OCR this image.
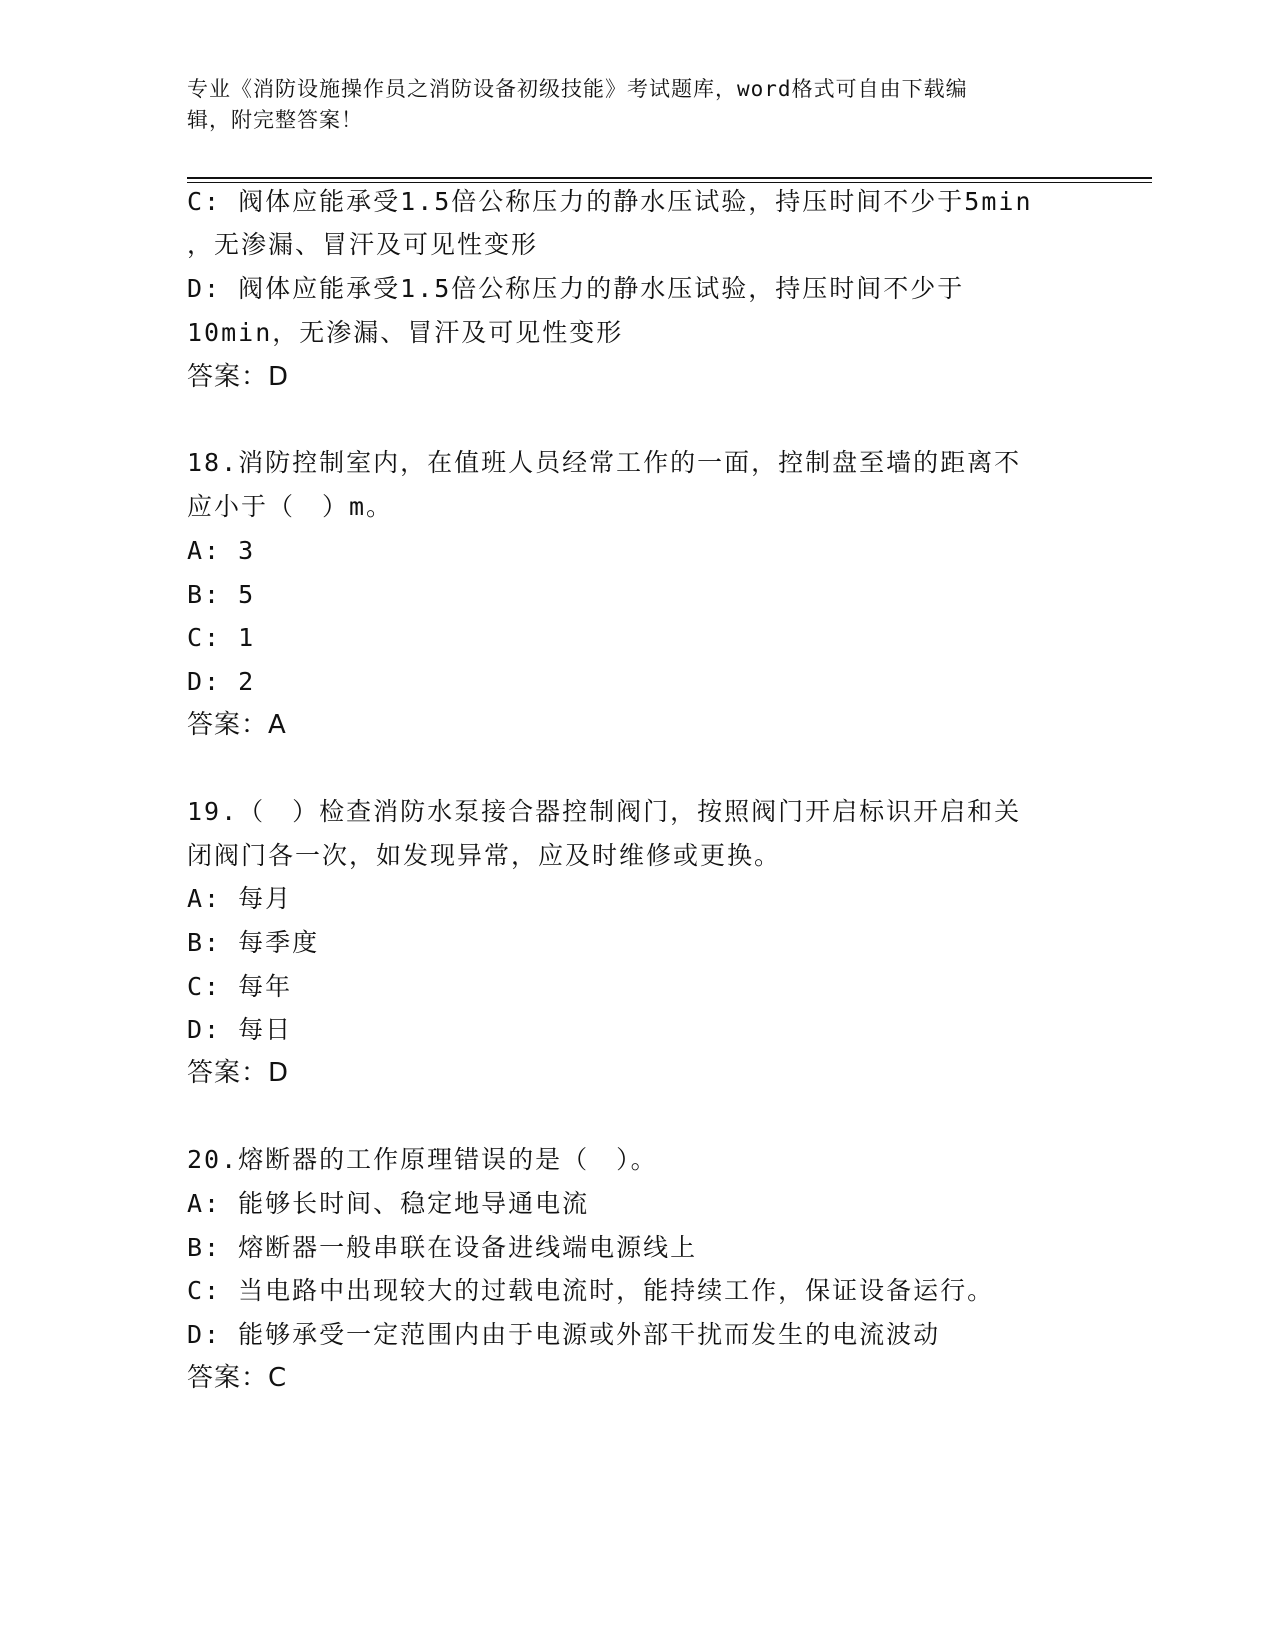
专业《消防设施操作员之消防设备初级技能》考试题库，word格式可自由下载编
辑，附完整答案！
C: 阀体应能承受1.5倍公称压力的静水压试验，持压时间不少于5min
，无渗漏、冒汗及可见性变形
D: 阀体应能承受1.5倍公称压力的静水压试验，持压时间不少于
10min，无渗漏、冒汗及可见性变形
答案：D
18.消防控制室内，在值班人员经常工作的一面，控制盘至墙的距离不
应小于（　）m。
A: 3
B: 5
C: 1
D: 2
答案：A
19.（　）检查消防水泵接合器控制阀门，按照阀门开启标识开启和关
闭阀门各一次，如发现异常，应及时维修或更换。
A: 每月
B: 每季度
C: 每年
D: 每日
答案：D
20.熔断器的工作原理错误的是（　）。
A: 能够长时间、稳定地导通电流
B: 熔断器一般串联在设备进线端电源线上
C: 当电路中出现较大的过载电流时，能持续工作，保证设备运行。
D: 能够承受一定范围内由于电源或外部干扰而发生的电流波动
答案：C
